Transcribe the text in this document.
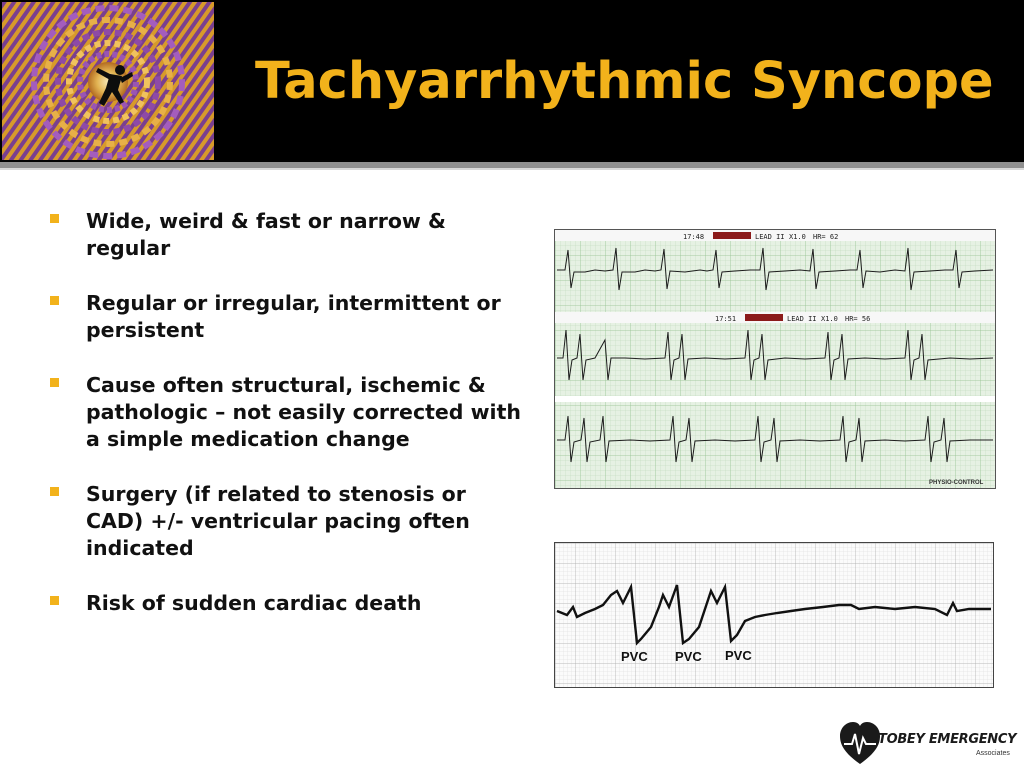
Tachyarrhythmic Syncope
Wide, weird & fast or narrow & regular
Regular or irregular, intermittent or persistent
Cause often structural, ischemic & pathologic – not easily corrected with a simple medication change
Surgery (if related to stenosis or CAD) +/- ventricular pacing often indicated
Risk of sudden cardiac death
17:48	LEAD II X1.0 HR= 62
17:51	LEAD II X1.0 HR= 56
PHYSIO-CONTROL
PVC PVC PVC
TOBEY EMERGENCY
Associates
